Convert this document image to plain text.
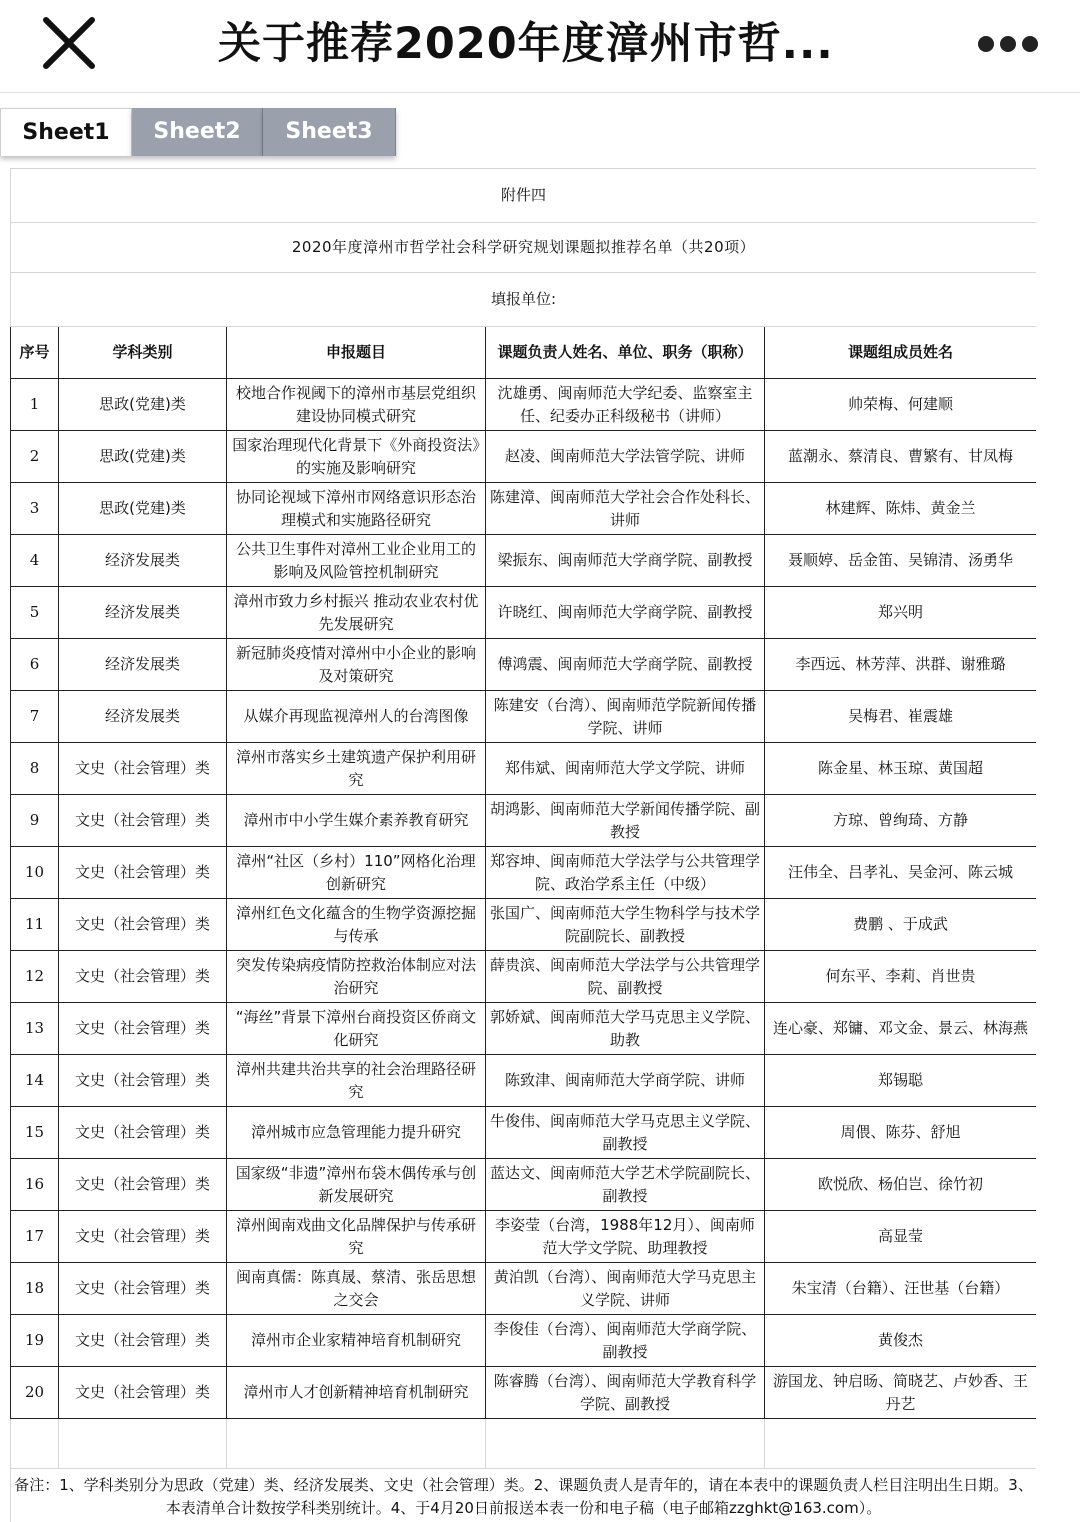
关于推荐2020年度漳州市哲...
Sheet1	Sheet2	Sheet3
附件四				
2020年度漳州市哲学社会科学研究规划课题拟推荐名单（共20项）				
填报单位:				
序号	学科类别	申报题目	课题负责人姓名、单位、职务（职称）	课题组成员姓名
1	思政(党建)类	校地合作视阈下的漳州市基层党组织建设协同模式研究	沈雄勇、闽南师范大学纪委、监察室主任、纪委办正科级秘书（讲师）	帅荣梅、何建顺
2	思政(党建)类	国家治理现代化背景下《外商投资法》的实施及影响研究	赵凌、闽南师范大学法管学院、讲师	蓝潮永、蔡清良、曹繁有、甘凤梅
3	思政(党建)类	协同论视域下漳州市网络意识形态治理模式和实施路径研究	陈建漳、闽南师范大学社会合作处科长、讲师	林建辉、陈炜、黄金兰
4	经济发展类	公共卫生事件对漳州工业企业用工的影响及风险管控机制研究	梁振东、闽南师范大学商学院、副教授	聂顺婷、岳金笛、吴锦清、汤勇华
5	经济发展类	漳州市致力乡村振兴 推动农业农村优先发展研究	许晓红、闽南师范大学商学院、副教授	郑兴明
6	经济发展类	新冠肺炎疫情对漳州中小企业的影响及对策研究	傅鸿震、闽南师范大学商学院、副教授	李西远、林芳萍、洪群、谢雅璐
7	经济发展类	从媒介再现监视漳州人的台湾图像	陈建安（台湾）、闽南师范学院新闻传播学院、讲师	吴梅君、崔震雄
8	文史（社会管理）类	漳州市落实乡土建筑遗产保护利用研究	郑伟斌、闽南师范大学文学院、讲师	陈金星、林玉琼、黄国超
9	文史（社会管理）类	漳州市中小学生媒介素养教育研究	胡鸿影、闽南师范大学新闻传播学院、副教授	方琼、曾绚琦、方静
10	文史（社会管理）类	漳州“社区（乡村）110”网格化治理创新研究	郑容坤、闽南师范大学法学与公共管理学院、政治学系主任（中级）	汪伟全、吕孝礼、吴金河、陈云城
11	文史（社会管理）类	漳州红色文化蕴含的生物学资源挖掘与传承	张国广、闽南师范大学生物科学与技术学院副院长、副教授	费鹏 、于成武
12	文史（社会管理）类	突发传染病疫情防控救治体制应对法治研究	薛贵滨、闽南师范大学法学与公共管理学院、副教授	何东平、李莉、肖世贵
13	文史（社会管理）类	“海丝”背景下漳州台商投资区侨商文化研究	郭娇斌、闽南师范大学马克思主义学院、助教	连心豪、郑镛、邓文金、景云、林海燕
14	文史（社会管理）类	漳州共建共治共享的社会治理路径研究	陈致津、闽南师范大学商学院、讲师	郑锡聪
15	文史（社会管理）类	漳州城市应急管理能力提升研究	牛俊伟、闽南师范大学马克思主义学院、副教授	周偎、陈芬、舒旭
16	文史（社会管理）类	国家级“非遗”漳州布袋木偶传承与创新发展研究	蓝达文、闽南师范大学艺术学院副院长、副教授	欧悦欣、杨伯岂、徐竹初
17	文史（社会管理）类	漳州闽南戏曲文化品牌保护与传承研究	李姿莹（台湾，1988年12月）、闽南师范大学文学院、助理教授	高显莹
18	文史（社会管理）类	闽南真儒：陈真晟、蔡清、张岳思想之交会	黄泊凯（台湾）、闽南师范大学马克思主义学院、讲师	朱宝清（台籍）、汪世基（台籍）
19	文史（社会管理）类	漳州市企业家精神培育机制研究	李俊佳（台湾）、闽南师范大学商学院、副教授	黄俊杰
20	文史（社会管理）类	漳州市人才创新精神培育机制研究	陈睿腾（台湾）、闽南师范大学教育科学学院、副教授	游国龙、钟启旸、简晓艺、卢妙香、王丹艺

备注：1、学科类别分为思政（党建）类、经济发展类、文史（社会管理）类。2、课题负责人是青年的，请在本表中的课题负责人栏目注明出生日期。3、本表清单合计数按学科类别统计。4、于4月20日前报送本表一份和电子稿（电子邮箱zzghkt@163.com）。				
